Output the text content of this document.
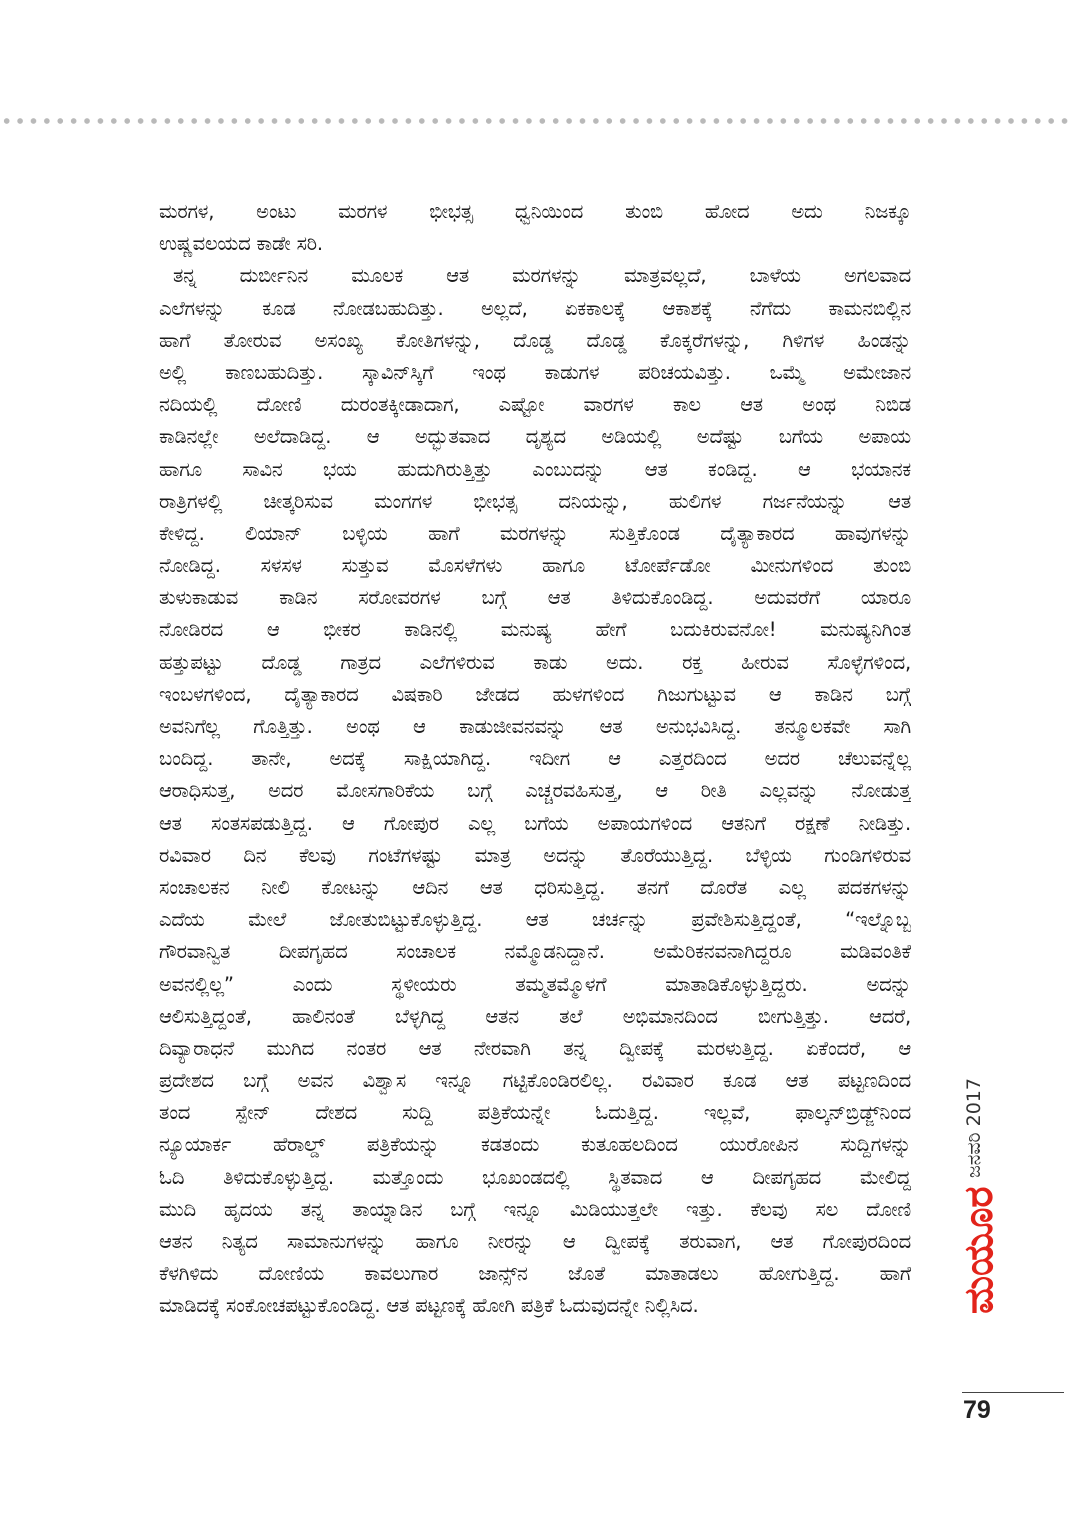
ಮರಗಳ, ಅಂಟು ಮರಗಳ ಭೀಭತ್ಸ ಧ್ವನಿಯಿಂದ ತುಂಬಿ ಹೋದ ಅದು ನಿಜಕ್ಕೂ
ಉಷ್ಣವಲಯದ ಕಾಡೇ ಸರಿ.
ತನ್ನ ದುರ್ಬೀನಿನ ಮೂಲಕ ಆತ ಮರಗಳನ್ನು ಮಾತ್ರವಲ್ಲದೆ, ಬಾಳೆಯ ಅಗಲವಾದ
ಎಲೆಗಳನ್ನು ಕೂಡ ನೋಡಬಹುದಿತ್ತು. ಅಲ್ಲದೆ, ಏಕಕಾಲಕ್ಕೆ ಆಕಾಶಕ್ಕೆ ನೆಗೆದು ಕಾಮನಬಿಲ್ಲಿನ
ಹಾಗೆ ತೋರುವ ಅಸಂಖ್ಯ ಕೋತಿಗಳನ್ನು, ದೊಡ್ಡ ದೊಡ್ಡ ಕೊಕ್ಕರೆಗಳನ್ನು, ಗಿಳಿಗಳ ಹಿಂಡನ್ನು
ಅಲ್ಲಿ ಕಾಣಬಹುದಿತ್ತು. ಸ್ಕಾವಿನ್‌ಸ್ಕಿಗೆ ಇಂಥ ಕಾಡುಗಳ ಪರಿಚಯವಿತ್ತು. ಒಮ್ಮೆ ಅಮೇಜಾನ
ನದಿಯಲ್ಲಿ ದೋಣಿ ದುರಂತಕ್ಕೀಡಾದಾಗ, ಎಷ್ಟೋ ವಾರಗಳ ಕಾಲ ಆತ ಅಂಥ ನಿಬಿಡ
ಕಾಡಿನಲ್ಲೇ ಅಲೆದಾಡಿದ್ದ. ಆ ಅದ್ಭುತವಾದ ದೃಶ್ಯದ ಅಡಿಯಲ್ಲಿ ಅದೆಷ್ಟು ಬಗೆಯ ಅಪಾಯ
ಹಾಗೂ ಸಾವಿನ ಭಯ ಹುದುಗಿರುತ್ತಿತ್ತು ಎಂಬುದನ್ನು ಆತ ಕಂಡಿದ್ದ. ಆ ಭಯಾನಕ
ರಾತ್ರಿಗಳಲ್ಲಿ ಚೀತ್ಕರಿಸುವ ಮಂಗಗಳ ಭೀಭತ್ಸ ದನಿಯನ್ನು, ಹುಲಿಗಳ ಗರ್ಜನೆಯನ್ನು ಆತ
ಕೇಳಿದ್ದ. ಲಿಯಾನ್ ಬಳ್ಳಿಯ ಹಾಗೆ ಮರಗಳನ್ನು ಸುತ್ತಿಕೊಂಡ ದೈತ್ಯಾಕಾರದ ಹಾವುಗಳನ್ನು
ನೋಡಿದ್ದ. ಸಳಸಳ ಸುತ್ತುವ ಮೊಸಳೆಗಳು ಹಾಗೂ ಟೋರ್ಪೆಡೋ ಮೀನುಗಳಿಂದ ತುಂಬಿ
ತುಳುಕಾಡುವ ಕಾಡಿನ ಸರೋವರಗಳ ಬಗ್ಗೆ ಆತ ತಿಳಿದುಕೊಂಡಿದ್ದ. ಅದುವರೆಗೆ ಯಾರೂ
ನೋಡಿರದ ಆ ಭೀಕರ ಕಾಡಿನಲ್ಲಿ ಮನುಷ್ಯ ಹೇಗೆ ಬದುಕಿರುವನೋ! ಮನುಷ್ಯನಿಗಿಂತ
ಹತ್ತುಪಟ್ಟು ದೊಡ್ಡ ಗಾತ್ರದ ಎಲೆಗಳಿರುವ ಕಾಡು ಅದು. ರಕ್ತ ಹೀರುವ ಸೊಳ್ಳೆಗಳಿಂದ,
ಇಂಬಳಗಳಿಂದ, ದೈತ್ಯಾಕಾರದ ವಿಷಕಾರಿ ಜೇಡದ ಹುಳಗಳಿಂದ ಗಿಜುಗುಟ್ಟುವ ಆ ಕಾಡಿನ ಬಗ್ಗೆ
ಅವನಿಗೆಲ್ಲ ಗೊತ್ತಿತ್ತು. ಅಂಥ ಆ ಕಾಡುಜೀವನವನ್ನು ಆತ ಅನುಭವಿಸಿದ್ದ. ತನ್ಮೂಲಕವೇ ಸಾಗಿ
ಬಂದಿದ್ದ. ತಾನೇ, ಅದಕ್ಕೆ ಸಾಕ್ಷಿಯಾಗಿದ್ದ. ಇದೀಗ ಆ ಎತ್ತರದಿಂದ ಅದರ ಚೆಲುವನ್ನೆಲ್ಲ
ಆರಾಧಿಸುತ್ತ, ಅದರ ಮೋಸಗಾರಿಕೆಯ ಬಗ್ಗೆ ಎಚ್ಚರವಹಿಸುತ್ತ, ಆ ರೀತಿ ಎಲ್ಲವನ್ನು ನೋಡುತ್ತ
ಆತ ಸಂತಸಪಡುತ್ತಿದ್ದ. ಆ ಗೋಪುರ ಎಲ್ಲ ಬಗೆಯ ಅಪಾಯಗಳಿಂದ ಆತನಿಗೆ ರಕ್ಷಣೆ ನೀಡಿತ್ತು.
ರವಿವಾರ ದಿನ ಕೆಲವು ಗಂಟೆಗಳಷ್ಟು ಮಾತ್ರ ಅದನ್ನು ತೊರೆಯುತ್ತಿದ್ದ. ಬೆಳ್ಳಿಯ ಗುಂಡಿಗಳಿರುವ
ಸಂಚಾಲಕನ ನೀಲಿ ಕೋಟನ್ನು ಆದಿನ ಆತ ಧರಿಸುತ್ತಿದ್ದ. ತನಗೆ ದೊರೆತ ಎಲ್ಲ ಪದಕಗಳನ್ನು
ಎದೆಯ ಮೇಲೆ ಜೋತುಬಿಟ್ಟುಕೊಳ್ಳುತ್ತಿದ್ದ. ಆತ ಚರ್ಚನ್ನು ಪ್ರವೇಶಿಸುತ್ತಿದ್ದಂತೆ, “ಇಲ್ನೊಬ್ಬ
ಗೌರವಾನ್ವಿತ ದೀಪಗೃಹದ ಸಂಚಾಲಕ ನಮ್ಮೊಡನಿದ್ದಾನೆ. ಅಮೆರಿಕನವನಾಗಿದ್ದರೂ ಮಡಿವಂತಿಕೆ
ಅವನಲ್ಲಿಲ್ಲ” ಎಂದು ಸ್ಥಳೀಯರು ತಮ್ಮತಮ್ಮೊಳಗೆ ಮಾತಾಡಿಕೊಳ್ಳುತ್ತಿದ್ದರು. ಅದನ್ನು
ಆಲಿಸುತ್ತಿದ್ದಂತೆ, ಹಾಲಿನಂತೆ ಬೆಳ್ಳಗಿದ್ದ ಆತನ ತಲೆ ಅಭಿಮಾನದಿಂದ ಬೀಗುತ್ತಿತ್ತು. ಆದರೆ,
ದಿವ್ಯಾರಾಧನೆ ಮುಗಿದ ನಂತರ ಆತ ನೇರವಾಗಿ ತನ್ನ ದ್ವೀಪಕ್ಕೆ ಮರಳುತ್ತಿದ್ದ. ಏಕೆಂದರೆ, ಆ
ಪ್ರದೇಶದ ಬಗ್ಗೆ ಅವನ ವಿಶ್ವಾಸ ಇನ್ನೂ ಗಟ್ಟಿಕೊಂಡಿರಲಿಲ್ಲ. ರವಿವಾರ ಕೂಡ ಆತ ಪಟ್ಟಣದಿಂದ
ತಂದ ಸ್ಪೇನ್ ದೇಶದ ಸುದ್ದಿ ಪತ್ರಿಕೆಯನ್ನೇ ಓದುತ್ತಿದ್ದ. ಇಲ್ಲವೆ, ಫಾಲ್ಕನ್‌ಬ್ರಿಡ್ಜ್‌ನಿಂದ
ನ್ಯೂಯಾರ್ಕ ಹೆರಾಲ್ಡ್ ಪತ್ರಿಕೆಯನ್ನು ಕಡತಂದು ಕುತೂಹಲದಿಂದ ಯುರೋಪಿನ ಸುದ್ದಿಗಳನ್ನು
ಓದಿ ತಿಳಿದುಕೊಳ್ಳುತ್ತಿದ್ದ. ಮತ್ತೊಂದು ಭೂಖಂಡದಲ್ಲಿ ಸ್ಥಿತವಾದ ಆ ದೀಪಗೃಹದ ಮೇಲಿದ್ದ
ಮುದಿ ಹೃದಯ ತನ್ನ ತಾಯ್ನಾಡಿನ ಬಗ್ಗೆ ಇನ್ನೂ ಮಿಡಿಯುತ್ತಲೇ ಇತ್ತು. ಕೆಲವು ಸಲ ದೋಣಿ
ಆತನ ನಿತ್ಯದ ಸಾಮಾನುಗಳನ್ನು ಹಾಗೂ ನೀರನ್ನು ಆ ದ್ವೀಪಕ್ಕೆ ತರುವಾಗ, ಆತ ಗೋಪುರದಿಂದ
ಕೆಳಗಿಳಿದು ದೋಣಿಯ ಕಾವಲುಗಾರ ಜಾನ್ಸ್‌ನ ಜೊತೆ ಮಾತಾಡಲು ಹೋಗುತ್ತಿದ್ದ. ಹಾಗೆ
ಮಾಡಿದಕ್ಕೆ ಸಂಕೋಚಪಟ್ಟುಕೊಂಡಿದ್ದ. ಆತ ಪಟ್ಟಣಕ್ಕೆ ಹೋಗಿ ಪತ್ರಿಕೆ ಓದುವುದನ್ನೇ ನಿಲ್ಲಿಸಿದ.	ಮಯೂರ
ಜನವರಿ 2017
79
